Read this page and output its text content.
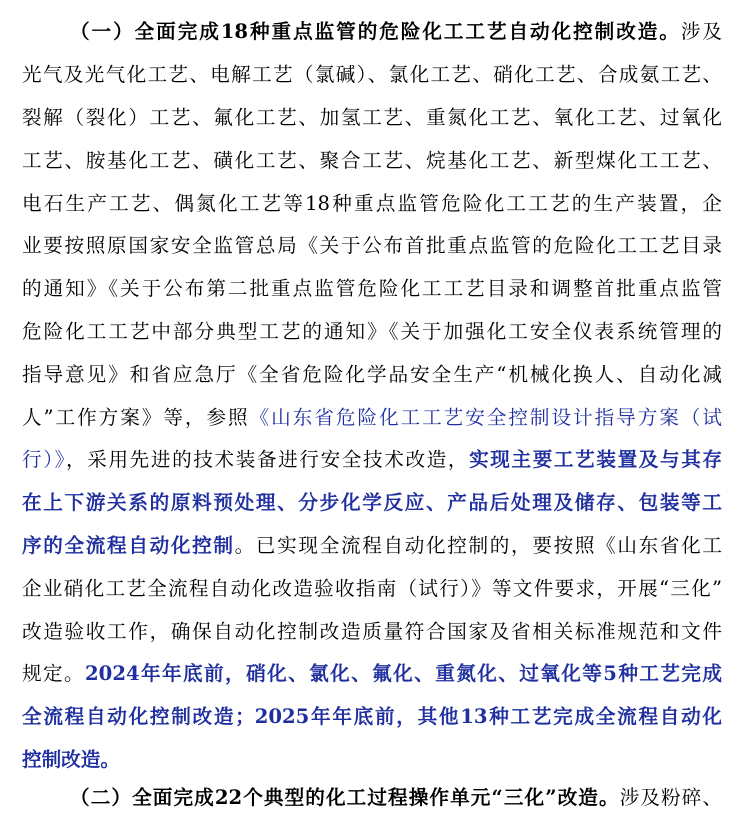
（一）全面完成18种重点监管的危险化工工艺自动化控制改造。涉及
光气及光气化工艺、电解工艺（氯碱）、氯化工艺、硝化工艺、合成氨工艺、
裂解（裂化）工艺、氟化工艺、加氢工艺、重氮化工艺、氧化工艺、过氧化
工艺、胺基化工艺、磺化工艺、聚合工艺、烷基化工艺、新型煤化工工艺、
电石生产工艺、偶氮化工艺等18种重点监管危险化工工艺的生产装置，企
业要按照原国家安全监管总局《关于公布首批重点监管的危险化工工艺目录
的通知》《关于公布第二批重点监管危险化工工艺目录和调整首批重点监管
危险化工工艺中部分典型工艺的通知》《关于加强化工安全仪表系统管理的
指导意见》和省应急厅《全省危险化学品安全生产“机械化换人、自动化减
人”工作方案》等，参照《山东省危险化工工艺安全控制设计指导方案（试
行）》，采用先进的技术装备进行安全技术改造，实现主要工艺装置及与其存
在上下游关系的原料预处理、分步化学反应、产品后处理及储存、包装等工
序的全流程自动化控制。已实现全流程自动化控制的，要按照《山东省化工
企业硝化工艺全流程自动化改造验收指南（试行）》等文件要求，开展“三化”
改造验收工作，确保自动化控制改造质量符合国家及省相关标准规范和文件
规定。2024年年底前，硝化、氯化、氟化、重氮化、过氧化等5种工艺完成
全流程自动化控制改造；2025年年底前，其他13种工艺完成全流程自动化
控制改造。
（二）全面完成22个典型的化工过程操作单元“三化”改造。涉及粉碎、
